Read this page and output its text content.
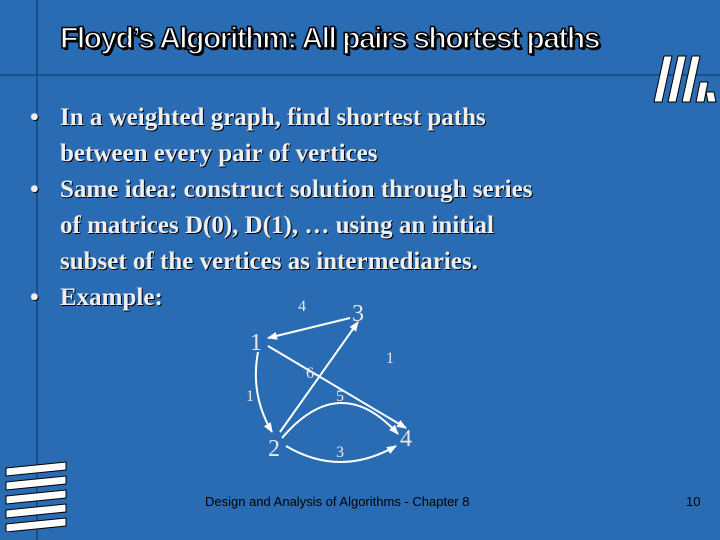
Floyd’s Algorithm: All pairs shortest paths
• In a weighted graph, find shortest paths
between every pair of vertices
• Same idea: construct solution through series
of matrices D(0), D(1), … using an initial
subset of the vertices as intermediaries.
• Example:
1
2
3
4
4
1
6
1	5
3
Design and Analysis of Algorithms - Chapter 8	10
